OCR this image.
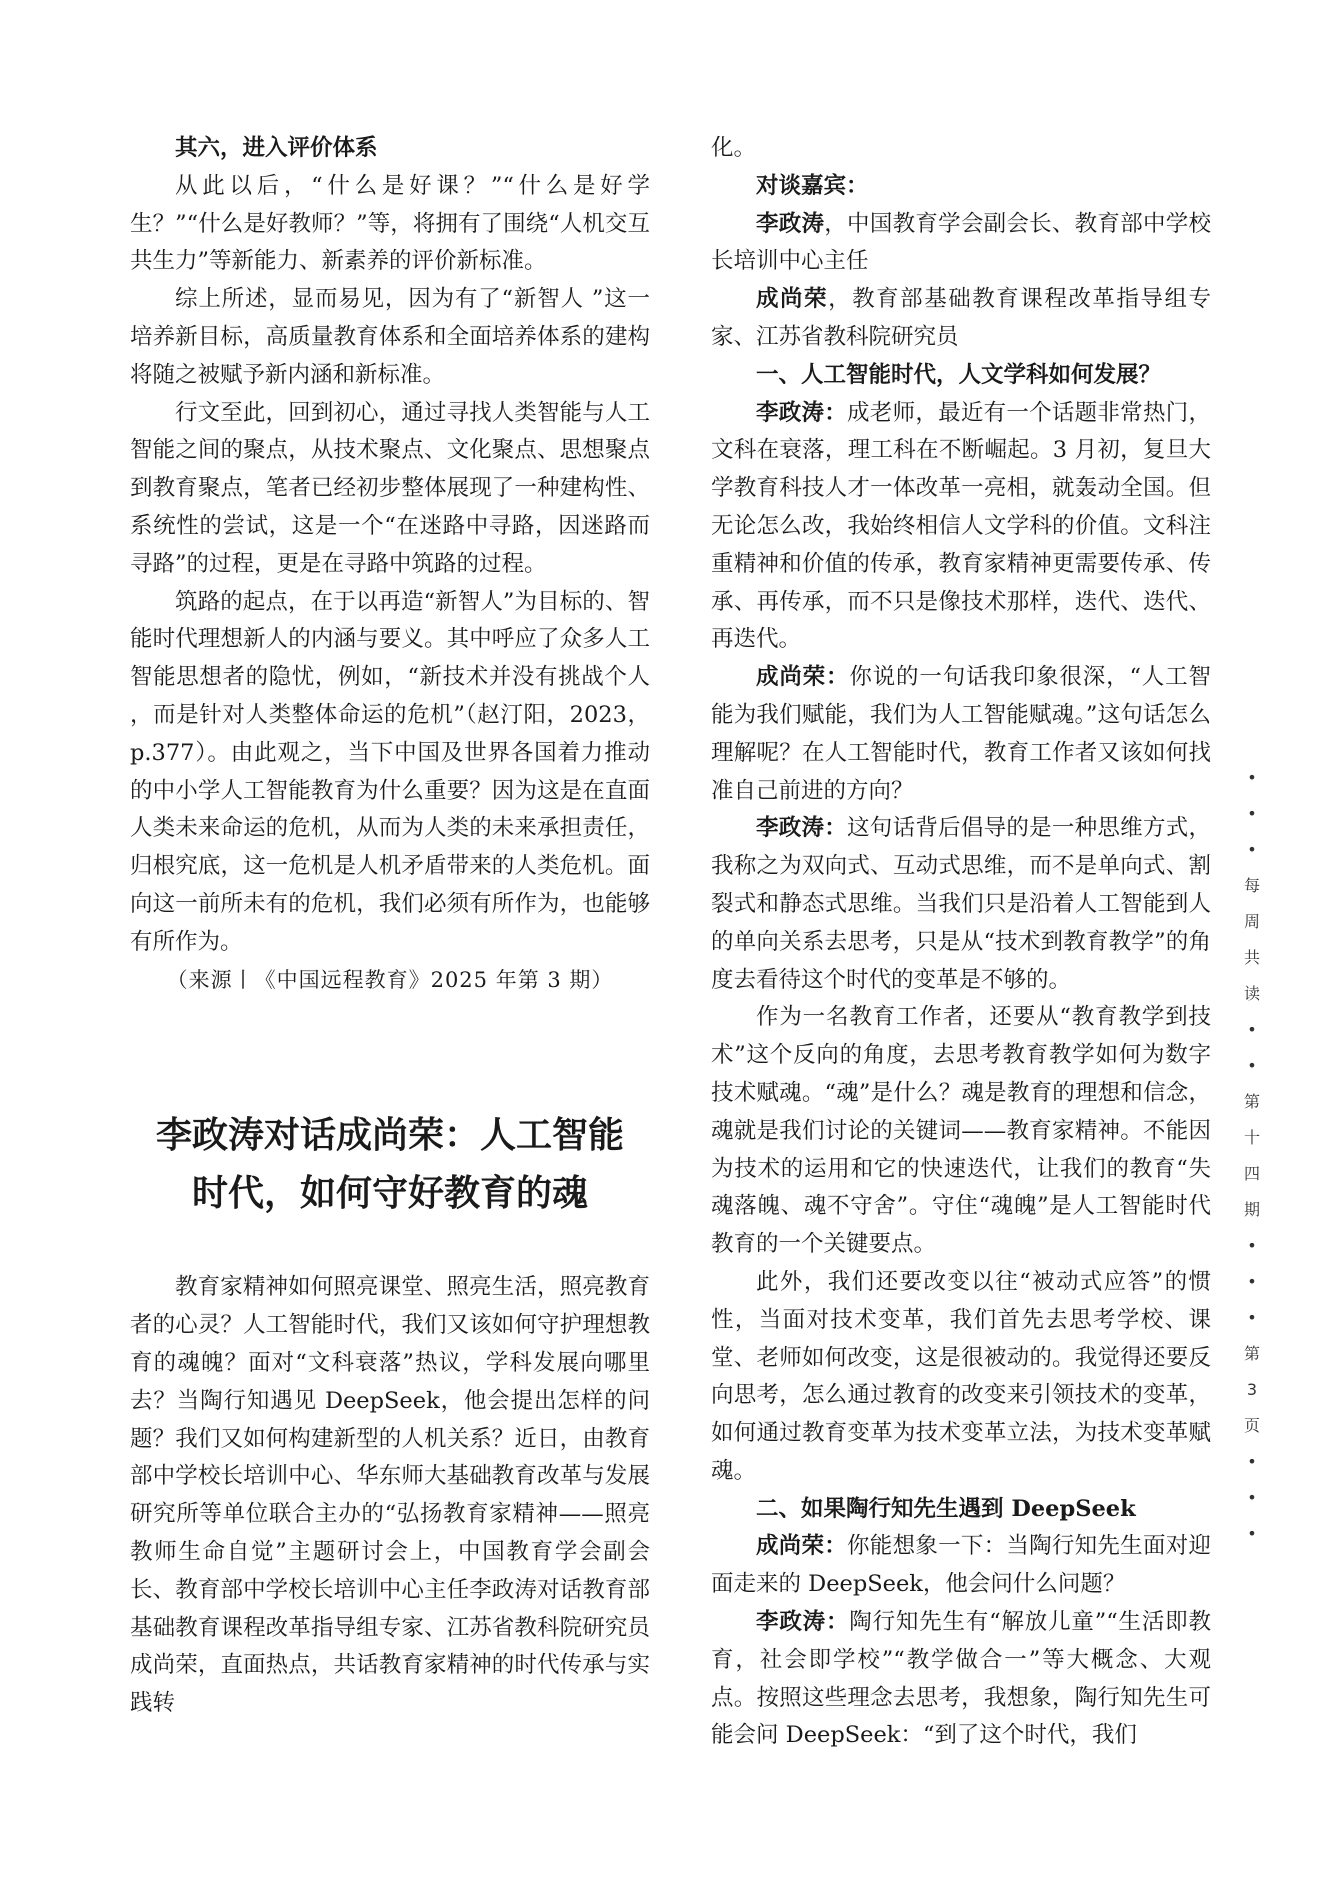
其六，进入评价体系

从此以后，“什么是好课？”“什么是好学生？”“什么是好教师？”等，将拥有了围绕“人机交互共生力”等新能力、新素养的评价新标准。

综上所述，显而易见，因为有了“新智人 ”这一培养新目标，高质量教育体系和全面培养体系的建构将随之被赋予新内涵和新标准。

行文至此，回到初心，通过寻找人类智能与人工智能之间的聚点，从技术聚点、文化聚点、思想聚点到教育聚点，笔者已经初步整体展现了一种建构性、系统性的尝试，这是一个“在迷路中寻路，因迷路而寻路”的过程，更是在寻路中筑路的过程。

筑路的起点，在于以再造“新智人”为目标的、智能时代理想新人的内涵与要义。其中呼应了众多人工智能思想者的隐忧，例如，“新技术并没有挑战个人 ，而是针对人类整体命运的危机”（赵汀阳，2023，p.377）。由此观之，当下中国及世界各国着力推动的中小学人工智能教育为什么重要？因为这是在直面人类未来命运的危机，从而为人类的未来承担责任，归根究底，这一危机是人机矛盾带来的人类危机。面向这一前所未有的危机，我们必须有所作为，也能够有所作为。

（来源丨《中国远程教育》2025 年第 3 期）

李政涛对话成尚荣：人工智能
时代，如何守好教育的魂

教育家精神如何照亮课堂、照亮生活，照亮教育者的心灵？人工智能时代，我们又该如何守护理想教育的魂魄？面对“文科衰落”热议，学科发展向哪里去？当陶行知遇见 DeepSeek，他会提出怎样的问题？我们又如何构建新型的人机关系？近日，由教育部中学校长培训中心、华东师大基础教育改革与发展研究所等单位联合主办的“弘扬教育家精神——照亮教师生命自觉”主题研讨会上，中国教育学会副会长、教育部中学校长培训中心主任李政涛对话教育部基础教育课程改革指导组专家、江苏省教科院研究员成尚荣，直面热点，共话教育家精神的时代传承与实践转

化。

对谈嘉宾：

李政涛，中国教育学会副会长、教育部中学校长培训中心主任

成尚荣，教育部基础教育课程改革指导组专家、江苏省教科院研究员

一、人工智能时代，人文学科如何发展？

李政涛：成老师，最近有一个话题非常热门，文科在衰落，理工科在不断崛起。3 月初，复旦大学教育科技人才一体改革一亮相，就轰动全国。但无论怎么改，我始终相信人文学科的价值。文科注重精神和价值的传承，教育家精神更需要传承、传承、再传承，而不只是像技术那样，迭代、迭代、再迭代。

成尚荣：你说的一句话我印象很深，“人工智能为我们赋能，我们为人工智能赋魂。”这句话怎么理解呢？在人工智能时代，教育工作者又该如何找准自己前进的方向？

李政涛：这句话背后倡导的是一种思维方式，我称之为双向式、互动式思维，而不是单向式、割裂式和静态式思维。当我们只是沿着人工智能到人的单向关系去思考，只是从“技术到教育教学”的角度去看待这个时代的变革是不够的。

作为一名教育工作者，还要从“教育教学到技术”这个反向的角度，去思考教育教学如何为数字技术赋魂。“魂”是什么？魂是教育的理想和信念，魂就是我们讨论的关键词——教育家精神。不能因为技术的运用和它的快速迭代，让我们的教育“失魂落魄、魂不守舍”。守住“魂魄”是人工智能时代教育的一个关键要点。

此外，我们还要改变以往“被动式应答”的惯性，当面对技术变革，我们首先去思考学校、课堂、老师如何改变，这是很被动的。我觉得还要反向思考，怎么通过教育的改变来引领技术的变革，如何通过教育变革为技术变革立法，为技术变革赋魂。

二、如果陶行知先生遇到 DeepSeek

成尚荣：你能想象一下：当陶行知先生面对迎面走来的 DeepSeek，他会问什么问题？

李政涛：陶行知先生有“解放儿童”“生活即教育，社会即学校”“教学做合一”等大概念、大观点。按照这些理念去思考，我想象，陶行知先生可能会问 DeepSeek：“到了这个时代，我们

•
•
•
每
周
共
读
•
•
第
十
四
期
•
•
•
第
3
页
•
•
•
